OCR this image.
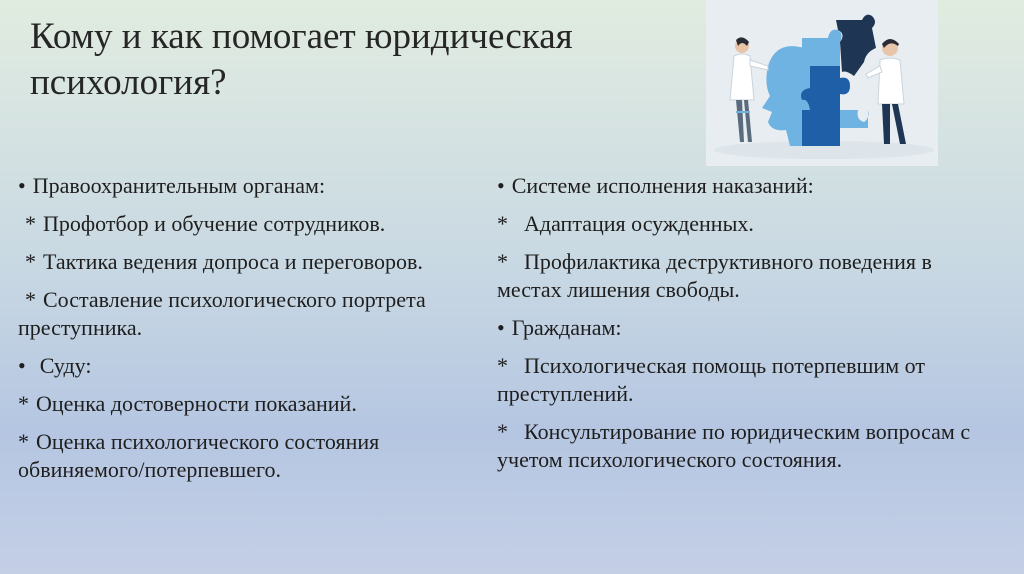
Кому и как помогает юридическая
психология?
• Правоохранительным органам:
* Профотбор и обучение сотрудников.
* Тактика ведения допроса и переговоров.
* Составление психологического портрета преступника.
• Суду:
* Оценка достоверности показаний.
* Оценка психологического состояния обвиняемого/потерпевшего.
• Системе исполнения наказаний:
* Адаптация осужденных.
* Профилактика деструктивного поведения в местах лишения свободы.
• Гражданам:
* Психологическая помощь потерпевшим от преступлений.
* Консультирование по юридическим вопросам с учетом психологического состояния.
